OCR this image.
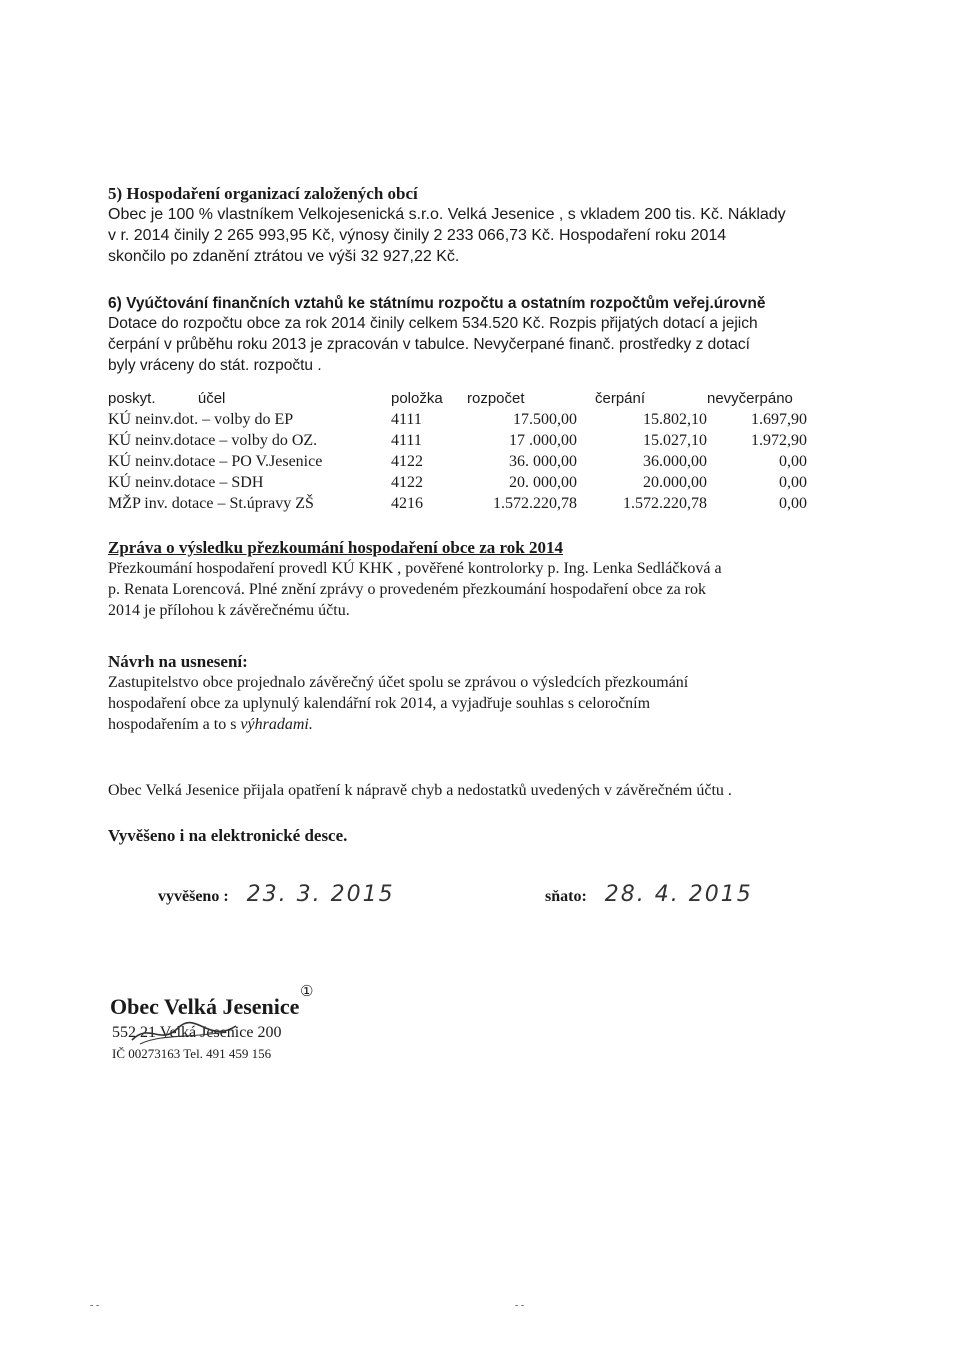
5) Hospodaření organizací založených obcí
Obec je 100 % vlastníkem Velkojesenická s.r.o. Velká Jesenice , s vkladem 200 tis. Kč. Náklady
v r. 2014 činily 2 265 993,95 Kč, výnosy činily 2 233 066,73 Kč. Hospodaření roku 2014
skončilo po zdanění ztrátou ve výši 32 927,22 Kč.
6) Vyúčtování finančních vztahů ke státnímu rozpočtu a ostatním rozpočtům veřej.úrovně
Dotace do rozpočtu obce za rok 2014 činily celkem 534.520 Kč. Rozpis přijatých dotací a jejich
čerpání v průběhu roku 2013 je zpracován v tabulce. Nevyčerpané finanč. prostředky z dotací
byly vráceny do stát. rozpočtu .
poskyt. účel	položka	rozpočet	čerpání	nevyčerpáno
KÚ neinv.dot. – volby do EP	4111	17.500,00	15.802,10	1.697,90
KÚ neinv.dotace – volby do OZ.	4111	17 .000,00	15.027,10	1.972,90
KÚ neinv.dotace – PO V.Jesenice	4122	36. 000,00	36.000,00	0,00
KÚ neinv.dotace – SDH	4122	20. 000,00	20.000,00	0,00
MŽP inv. dotace – St.úpravy ZŠ	4216	1.572.220,78	1.572.220,78	0,00
Zpráva o výsledku přezkoumání hospodaření obce za rok 2014
Přezkoumání hospodaření provedl KÚ KHK , pověřené kontrolorky p. Ing. Lenka Sedláčková a
p. Renata Lorencová. Plné znění zprávy o provedeném přezkoumání hospodaření obce za rok
2014 je přílohou k závěrečnému účtu.
Návrh na usnesení:
Zastupitelstvo obce projednalo závěrečný účet spolu se zprávou o výsledcích přezkoumání
hospodaření obce za uplynulý kalendářní rok 2014, a vyjadřuje souhlas s celoročním
hospodařením a to s výhradami.
Obec Velká Jesenice přijala opatření k nápravě chyb a nedostatků uvedených v závěrečném účtu .
Vyvěšeno i na elektronické desce.
vyvěšeno : 23. 3. 2015	sňato: 28. 4. 2015
①
Obec Velká Jesenice
552 21 Velká Jesenice 200
IČ 00273163 Tel. 491 459 156
- -	- -
